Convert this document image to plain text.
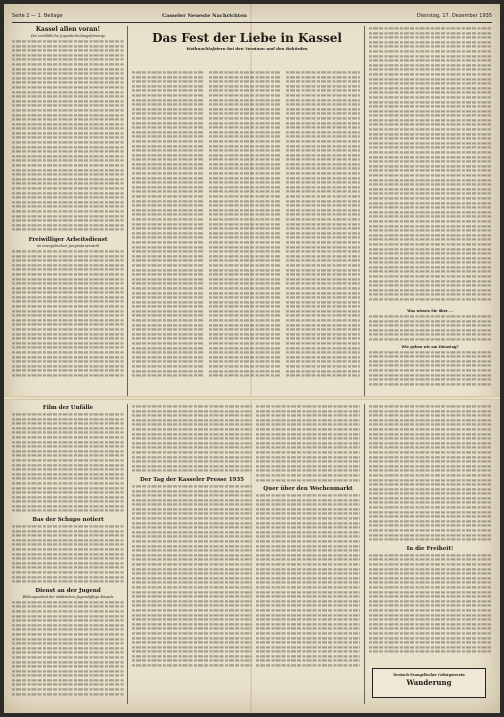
Seite 2 — 1. Beilage	Casseler Neueste Nachrichten	Dienstag, 17. Dezember 1935
Kassel allen voran!
Die vorbildliche Jugenderholungsfürsorge
Freiwilliger Arbeitsdienst
im evangelischen Jungmännerwerk
Das Fest der Liebe in Kassel
Weihnachtsfeiern bei den Vereinen und den Behörden
Was wissen Sie über ...
Wie geben wir am Dienstag?
Film der Unfälle
Bas der Schupo notiert
Dienst an der Jugend
Bildungsarbeit der städtischen Jugendpflege Kassels
Der Tag der Kasseler Presse 1935
Quer über den Wochenmarkt
In die Freiheit!
Deutsch-Evangelischer Gebirgsverein
Wanderung
